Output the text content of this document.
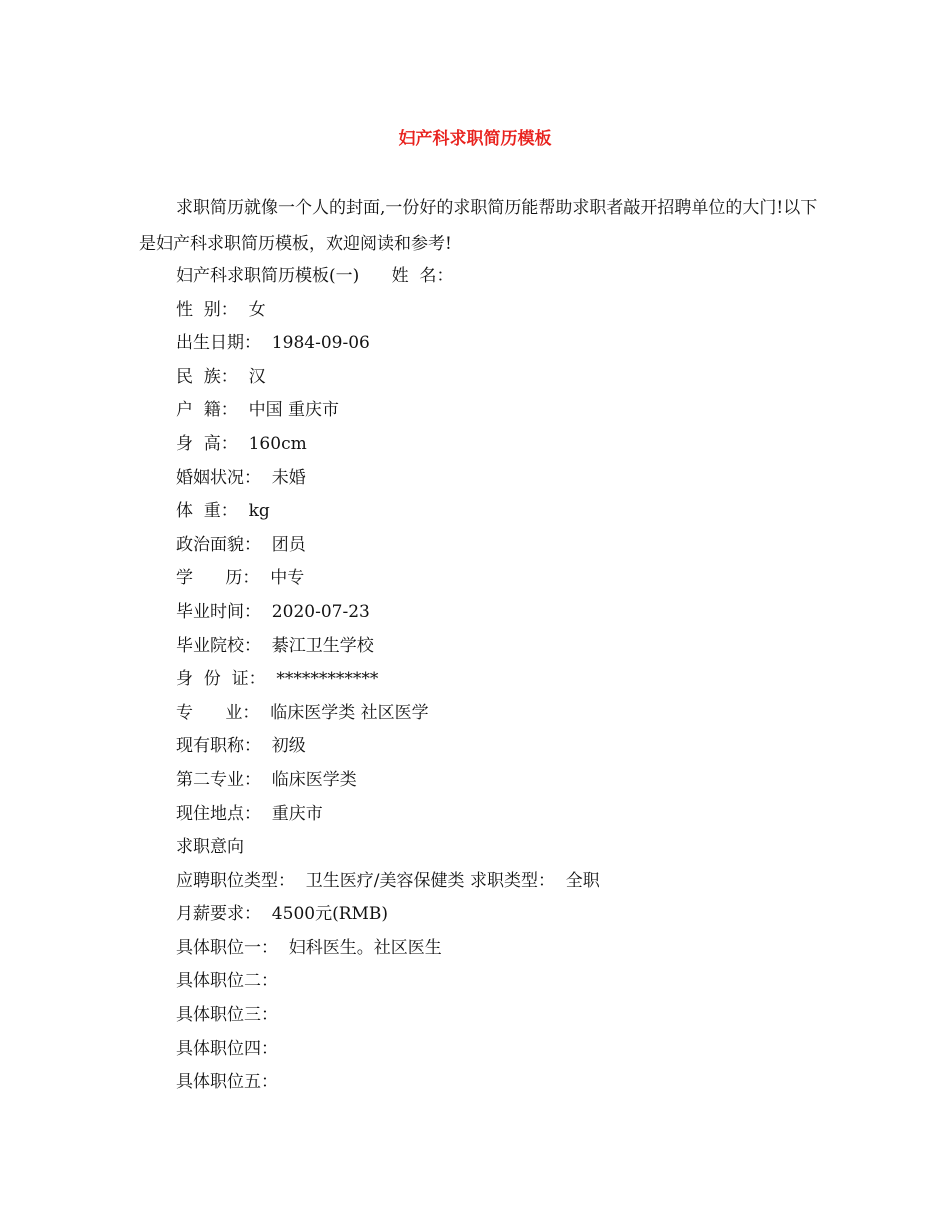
妇产科求职简历模板

求职简历就像一个人的封面,一份好的求职简历能帮助求职者敲开招聘单位的大门!以下是妇产科求职简历模板，欢迎阅读和参考!

妇产科求职简历模板(一)      姓  名：
性  别：  女
出生日期：  1984-09-06
民  族：  汉
户  籍：  中国 重庆市
身  高：  160cm
婚姻状况：  未婚
体  重：  kg
政治面貌：  团员
学      历：  中专
毕业时间：  2020-07-23
毕业院校：  綦江卫生学校
身  份  证：  ************
专      业：  临床医学类 社区医学
现有职称：  初级
第二专业：  临床医学类
现住地点：  重庆市
求职意向
应聘职位类型：  卫生医疗/美容保健类 求职类型：  全职
月薪要求：  4500元(RMB)
具体职位一：  妇科医生。社区医生
具体职位二：
具体职位三：
具体职位四：
具体职位五：
